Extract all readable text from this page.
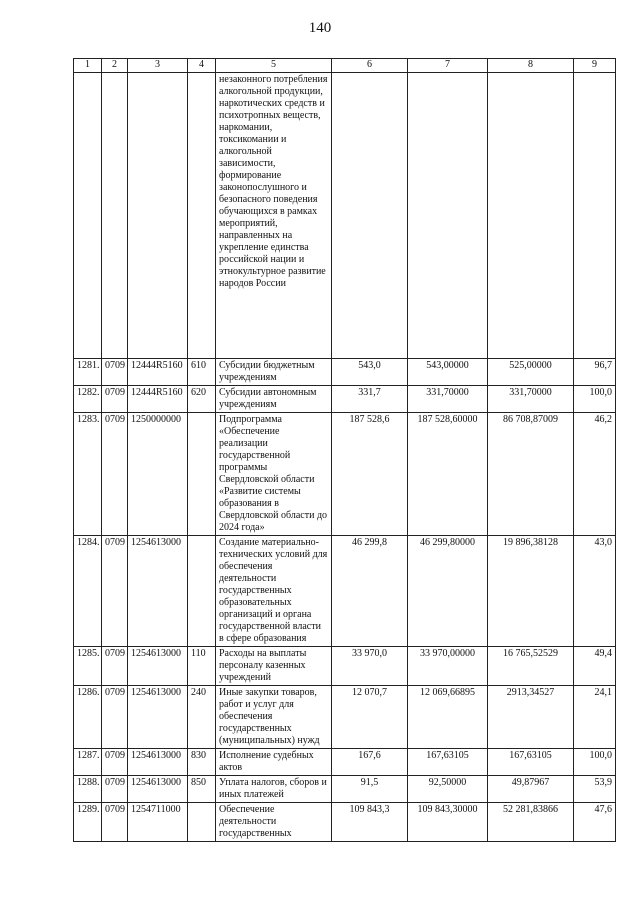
140
1	2	3	4	5	6	7	8	9
				незаконного потребления алкогольной продукции, наркотических средств и психотропных веществ, наркомании, токсикомании и алкогольной зависимости, формирование законопослушного и безопасного поведения обучающихся в рамках мероприятий, направленных на укрепление единства российской нации и этнокультурное развитие народов России				
1281.	0709	12444R5160	610	Субсидии бюджетным учреждениям	543,0	543,00000	525,00000	96,7
1282.	0709	12444R5160	620	Субсидии автономным учреждениям	331,7	331,70000	331,70000	100,0
1283.	0709	1250000000		Подпрограмма «Обеспечение реализации государственной программы Свердловской области «Развитие системы образования в Свердловской области до 2024 года»	187 528,6	187 528,60000	86 708,87009	46,2
1284.	0709	1254613000		Создание материально-технических условий для обеспечения деятельности государственных образовательных организаций и органа государственной власти в сфере образования	46 299,8	46 299,80000	19 896,38128	43,0
1285.	0709	1254613000	110	Расходы на выплаты персоналу казенных учреждений	33 970,0	33 970,00000	16 765,52529	49,4
1286.	0709	1254613000	240	Иные закупки товаров, работ и услуг для обеспечения государственных (муниципальных) нужд	12 070,7	12 069,66895	2913,34527	24,1
1287.	0709	1254613000	830	Исполнение судебных актов	167,6	167,63105	167,63105	100,0
1288.	0709	1254613000	850	Уплата налогов, сборов и иных платежей	91,5	92,50000	49,87967	53,9
1289.	0709	1254711000		Обеспечение деятельности государственных	109 843,3	109 843,30000	52 281,83866	47,6
